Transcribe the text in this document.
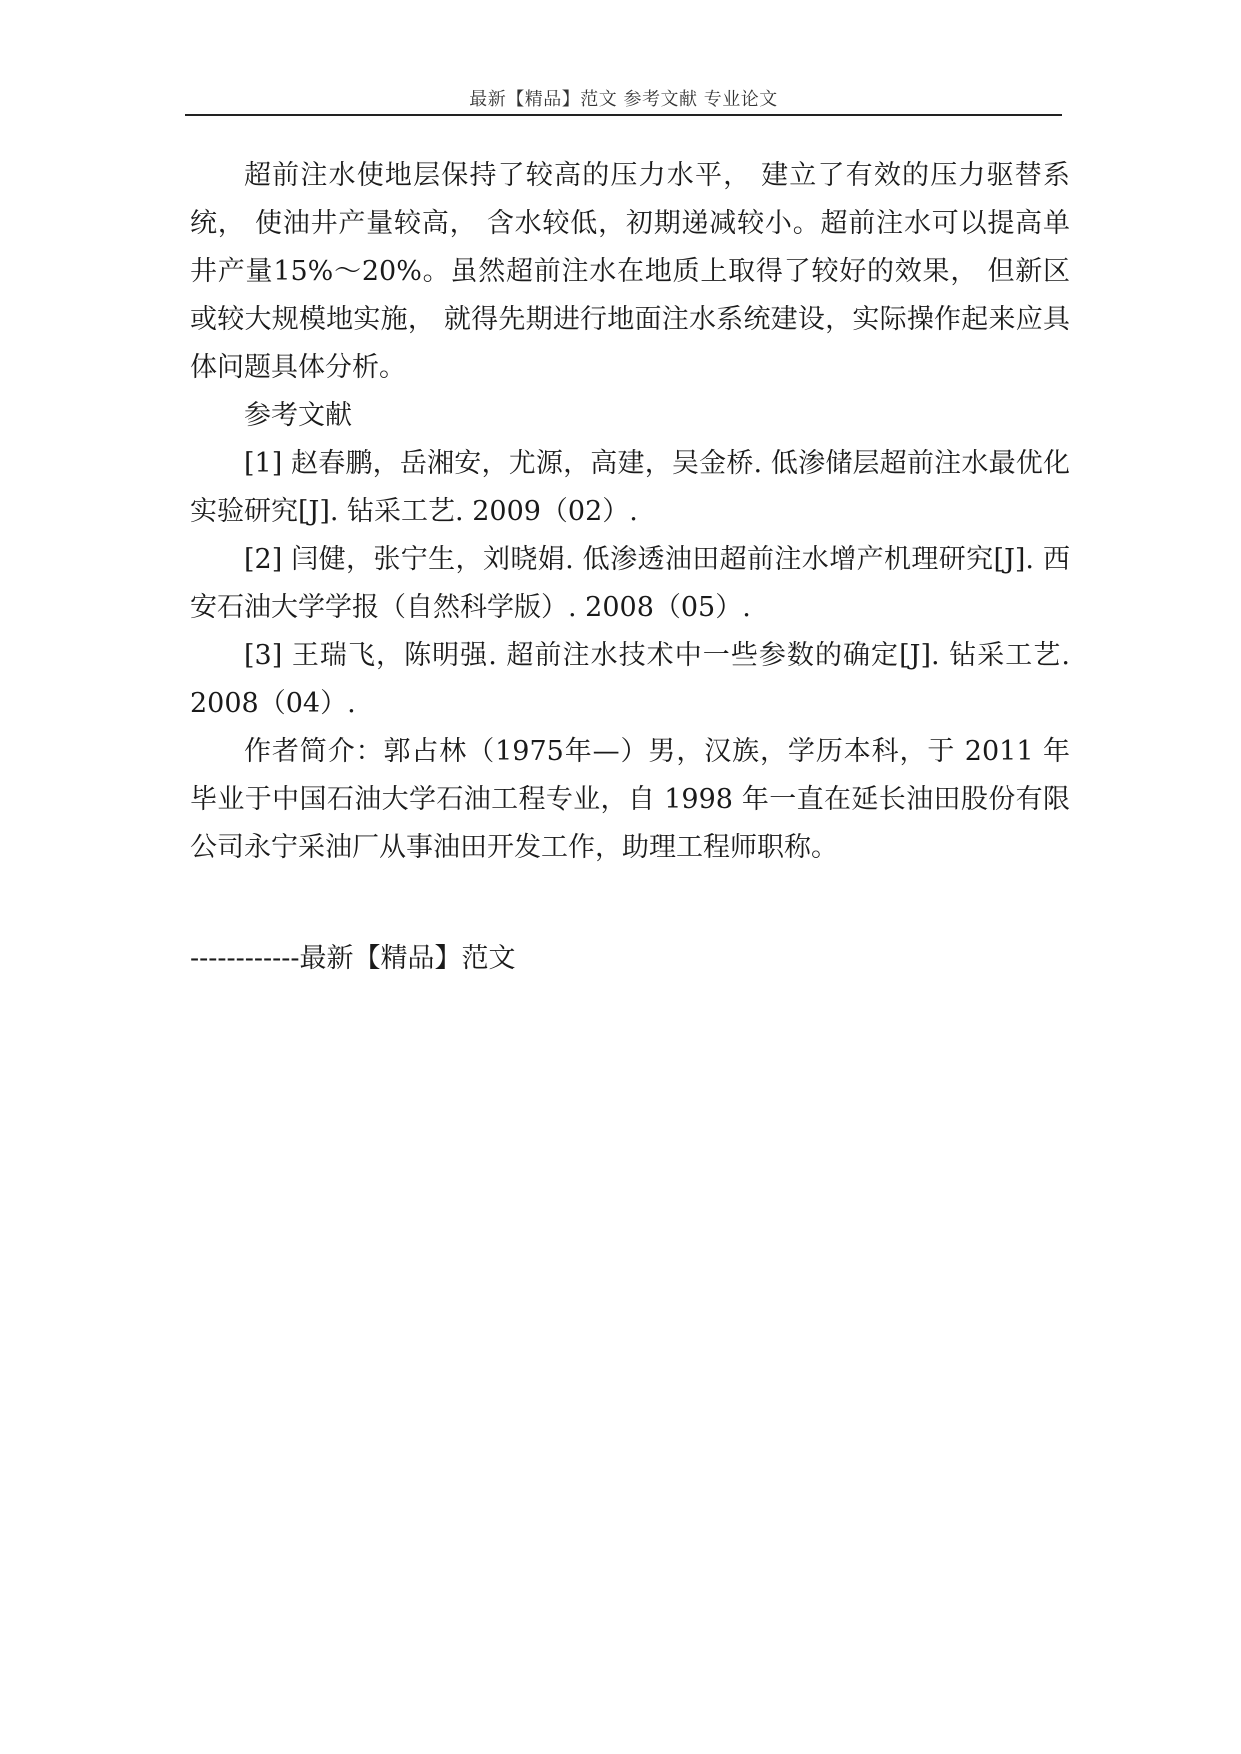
最新【精品】范文 参考文献 专业论文

超前注水使地层保持了较高的压力水平， 建立了有效的压力驱替系统， 使油井产量较高， 含水较低，初期递减较小。超前注水可以提高单井产量15%～20%。虽然超前注水在地质上取得了较好的效果， 但新区或较大规模地实施， 就得先期进行地面注水系统建设，实际操作起来应具体问题具体分析。

参考文献

[1] 赵春鹏，岳湘安，尤源，高建，吴金桥. 低渗储层超前注水最优化实验研究[J]. 钻采工艺. 2009（02）.

[2] 闫健，张宁生，刘晓娟. 低渗透油田超前注水增产机理研究[J]. 西安石油大学学报（自然科学版）. 2008（05）.

[3] 王瑞飞，陈明强. 超前注水技术中一些参数的确定[J]. 钻采工艺. 2008（04）.

作者简介：郭占林（1975年—）男，汉族，学历本科，于 2011 年毕业于中国石油大学石油工程专业，自 1998 年一直在延长油田股份有限公司永宁采油厂从事油田开发工作，助理工程师职称。

------------最新【精品】范文
